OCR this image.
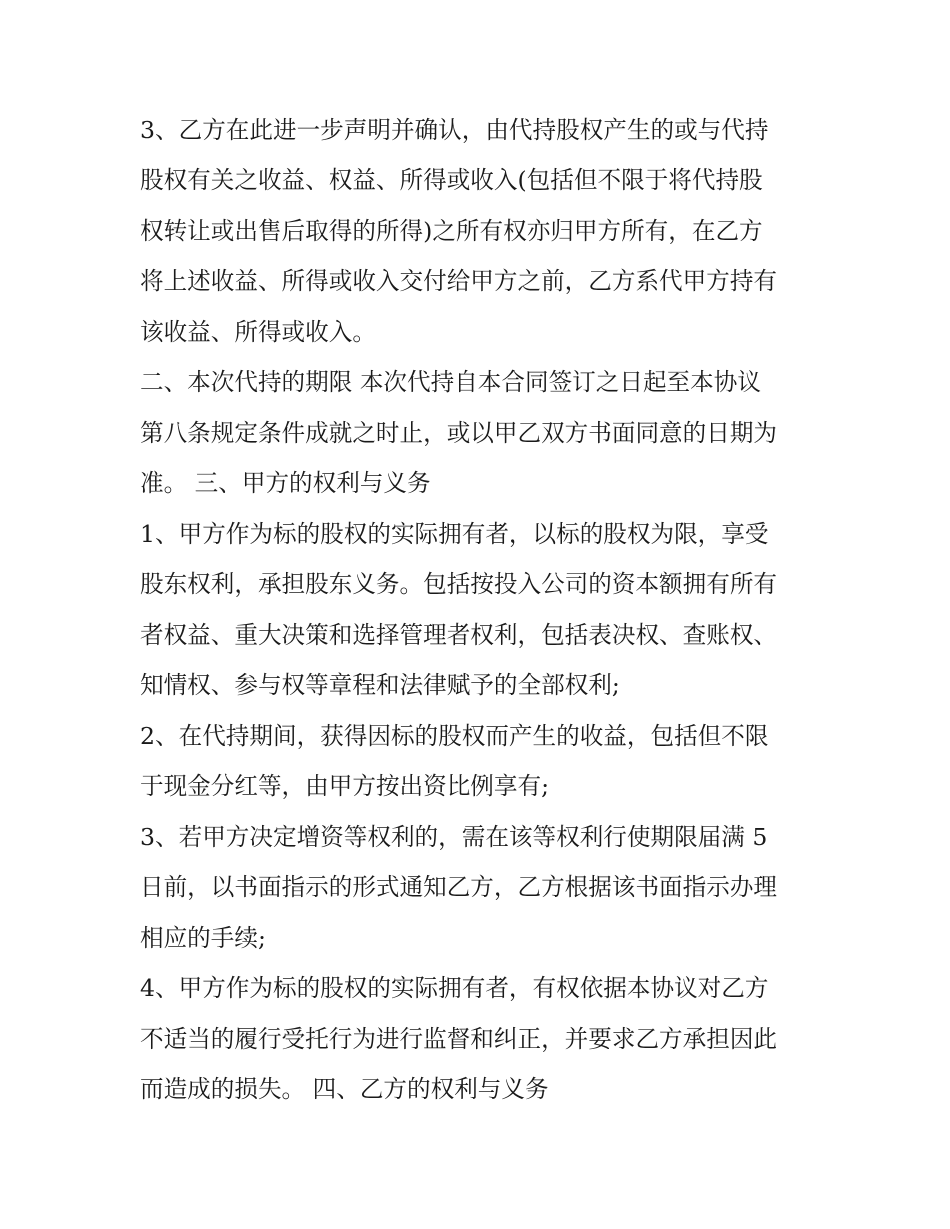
3、乙方在此进一步声明并确认，由代持股权产生的或与代持
股权有关之收益、权益、所得或收入(包括但不限于将代持股
权转让或出售后取得的所得)之所有权亦归甲方所有，在乙方
将上述收益、所得或收入交付给甲方之前，乙方系代甲方持有
该收益、所得或收入。
二、本次代持的期限 本次代持自本合同签订之日起至本协议
第八条规定条件成就之时止，或以甲乙双方书面同意的日期为
准。 三、甲方的权利与义务
1、甲方作为标的股权的实际拥有者，以标的股权为限，享受
股东权利，承担股东义务。包括按投入公司的资本额拥有所有
者权益、重大决策和选择管理者权利，包括表决权、查账权、
知情权、参与权等章程和法律赋予的全部权利;
2、在代持期间，获得因标的股权而产生的收益，包括但不限
于现金分红等，由甲方按出资比例享有;
3、若甲方决定增资等权利的，需在该等权利行使期限届满 5
日前，以书面指示的形式通知乙方，乙方根据该书面指示办理
相应的手续;
4、甲方作为标的股权的实际拥有者，有权依据本协议对乙方
不适当的履行受托行为进行监督和纠正，并要求乙方承担因此
而造成的损失。 四、乙方的权利与义务
